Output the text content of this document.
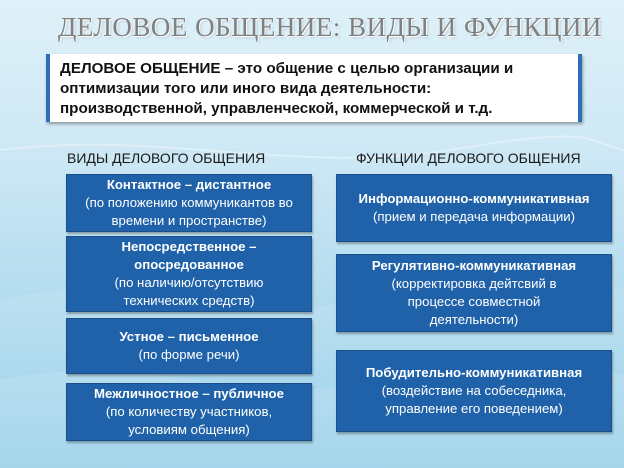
ДЕЛОВОЕ ОБЩЕНИЕ: ВИДЫ И ФУНКЦИИ
ДЕЛОВОЕ ОБЩЕНИЕ – это общение с целью организации и оптимизации того или иного вида деятельности: производственной, управленческой, коммерческой и т.д.
ВИДЫ ДЕЛОВОГО ОБЩЕНИЯ	ФУНКЦИИ ДЕЛОВОГО ОБЩЕНИЯ
Контактное – дистантное
(по положению коммуникантов во времени и пространстве)
Непосредственное – опосредованное
(по наличию/отсутствию технических средств)
Устное – письменное
(по форме речи)
Межличностное – публичное
(по количеству участников, условиям общения)
Информационно-коммуникативная
(прием и передача информации)
Регулятивно-коммуникативная
(корректировка дейтсвий в процессе совместной деятельности)
Побудительно-коммуникативная
(воздействие на собеседника, управление его поведением)
